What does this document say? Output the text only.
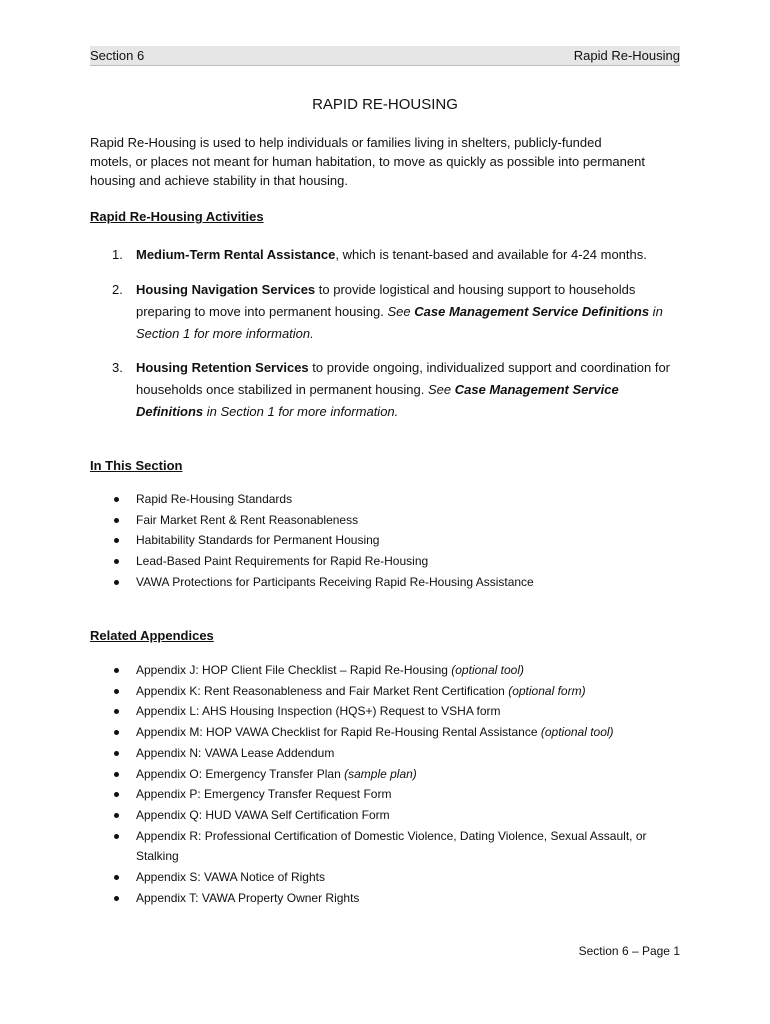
Section 6	Rapid Re-Housing
RAPID RE-HOUSING

Rapid Re-Housing is used to help individuals or families living in shelters, publicly-funded motels, or places not meant for human habitation, to move as quickly as possible into permanent housing and achieve stability in that housing.

Rapid Re-Housing Activities
1. Medium-Term Rental Assistance, which is tenant-based and available for 4-24 months.
2. Housing Navigation Services to provide logistical and housing support to households preparing to move into permanent housing. See Case Management Service Definitions in Section 1 for more information.
3. Housing Retention Services to provide ongoing, individualized support and coordination for households once stabilized in permanent housing. See Case Management Service Definitions in Section 1 for more information.
In This Section
Rapid Re-Housing Standards
Fair Market Rent & Rent Reasonableness
Habitability Standards for Permanent Housing
Lead-Based Paint Requirements for Rapid Re-Housing
VAWA Protections for Participants Receiving Rapid Re-Housing Assistance
Related Appendices
Appendix J: HOP Client File Checklist – Rapid Re-Housing (optional tool)
Appendix K: Rent Reasonableness and Fair Market Rent Certification (optional form)
Appendix L: AHS Housing Inspection (HQS+) Request to VSHA form
Appendix M: HOP VAWA Checklist for Rapid Re-Housing Rental Assistance (optional tool)
Appendix N: VAWA Lease Addendum
Appendix O: Emergency Transfer Plan (sample plan)
Appendix P: Emergency Transfer Request Form
Appendix Q: HUD VAWA Self Certification Form
Appendix R: Professional Certification of Domestic Violence, Dating Violence, Sexual Assault, or Stalking
Appendix S: VAWA Notice of Rights
Appendix T: VAWA Property Owner Rights
Section 6 – Page 1
